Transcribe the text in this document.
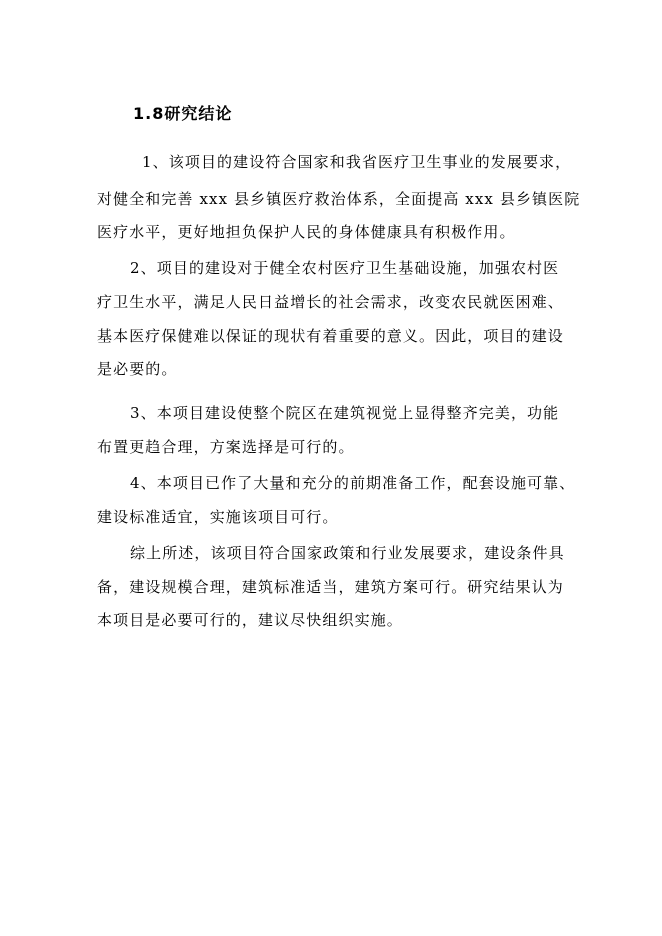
1.8研究结论
1、该项目的建设符合国家和我省医疗卫生事业的发展要求，
对健全和完善 xxx 县乡镇医疗救治体系，全面提高 xxx 县乡镇医院
医疗水平，更好地担负保护人民的身体健康具有积极作用。
2、项目的建设对于健全农村医疗卫生基础设施，加强农村医
疗卫生水平，满足人民日益增长的社会需求，改变农民就医困难、
基本医疗保健难以保证的现状有着重要的意义。因此，项目的建设
是必要的。
3、本项目建设使整个院区在建筑视觉上显得整齐完美，功能
布置更趋合理，方案选择是可行的。
4、本项目已作了大量和充分的前期准备工作，配套设施可靠、
建设标准适宜，实施该项目可行。
综上所述，该项目符合国家政策和行业发展要求，建设条件具
备，建设规模合理，建筑标准适当，建筑方案可行。研究结果认为
本项目是必要可行的，建议尽快组织实施。
